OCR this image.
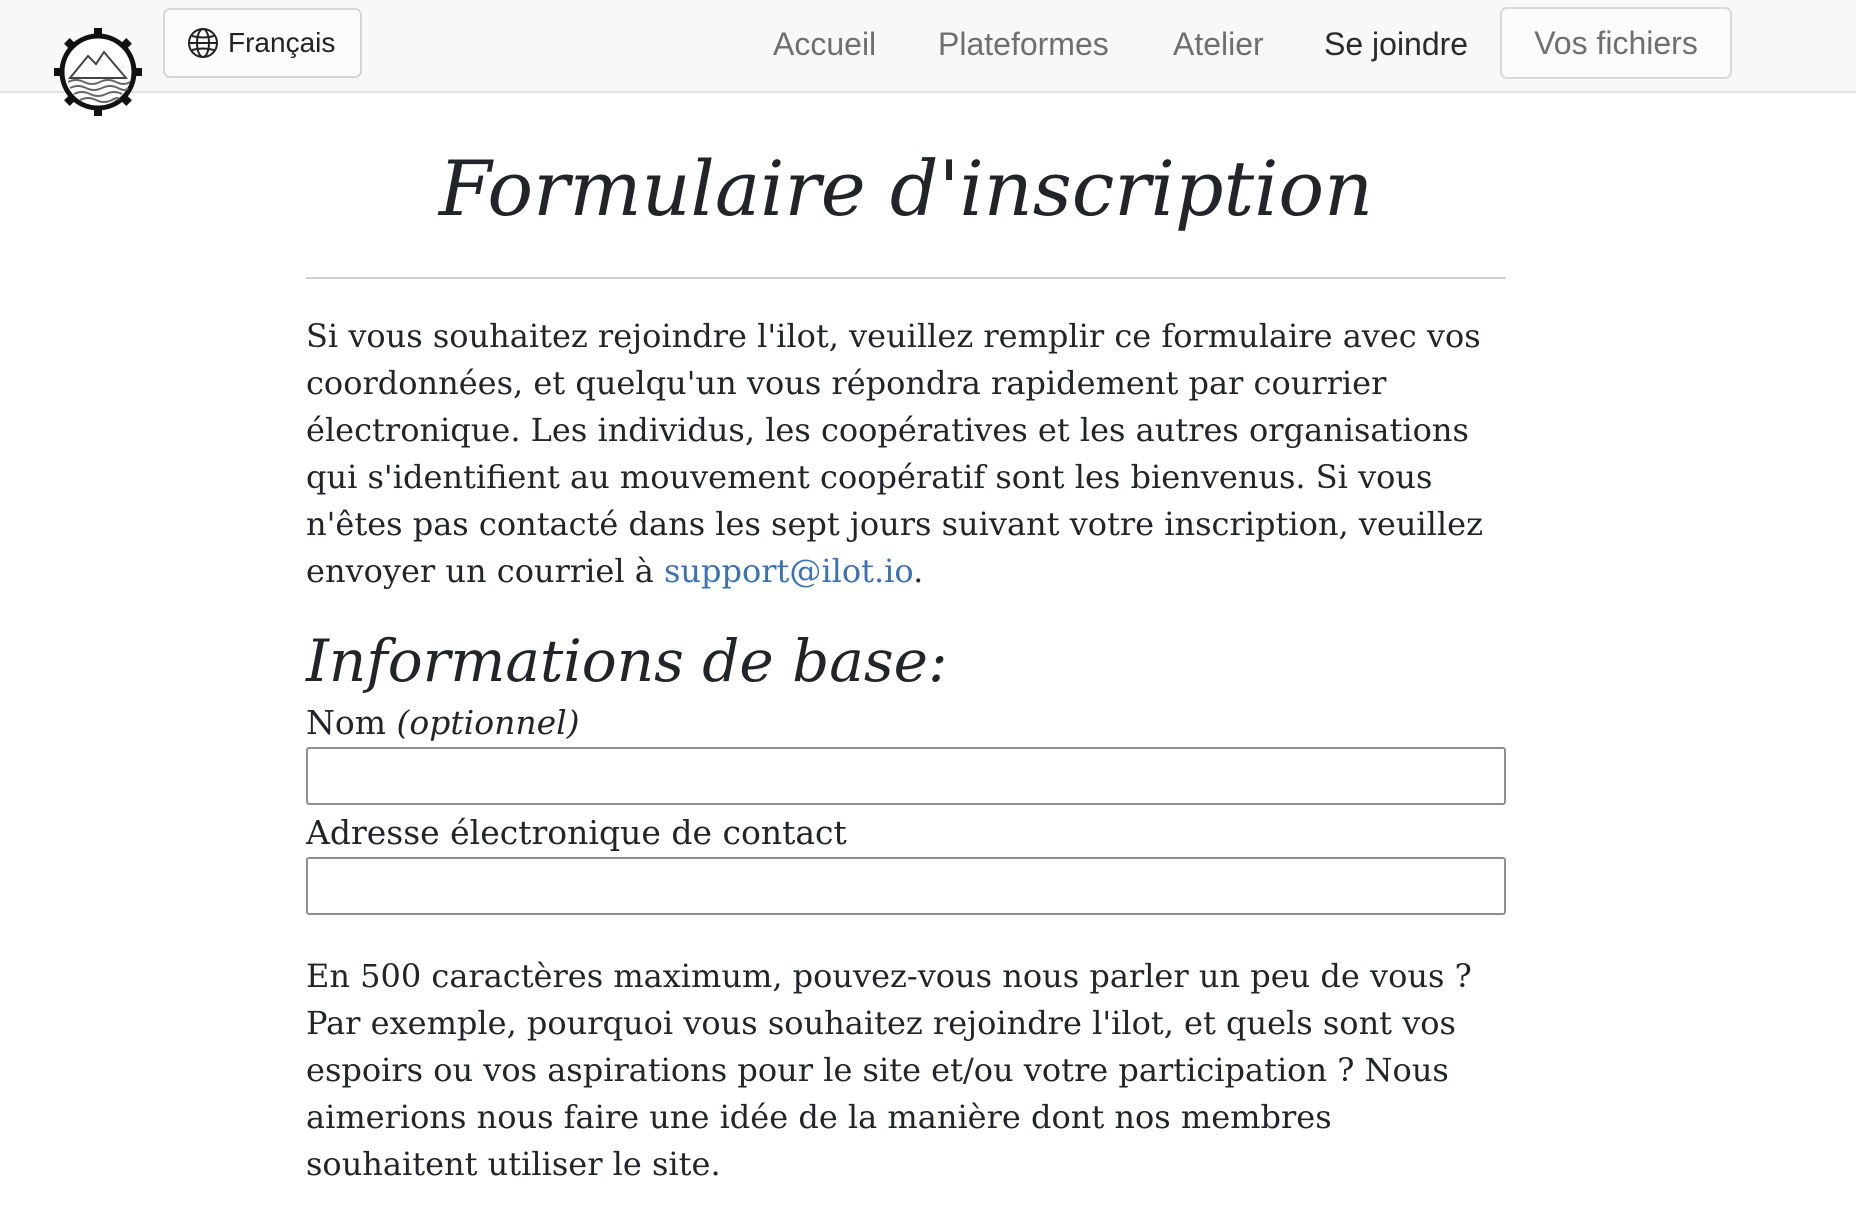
Français	Accueil Plateformes Atelier Se joindre	Vos fichiers
Formulaire d'inscription

Si vous souhaitez rejoindre l'ilot, veuillez remplir ce formulaire avec vos coordonnées, et quelqu'un vous répondra rapidement par courrier électronique. Les individus, les coopératives et les autres organisations qui s'identifient au mouvement coopératif sont les bienvenus. Si vous n'êtes pas contacté dans les sept jours suivant votre inscription, veuillez envoyer un courriel à support@ilot.io.

Informations de base:
Nom (optionnel)
Adresse électronique de contact

En 500 caractères maximum, pouvez-vous nous parler un peu de vous ? Par exemple, pourquoi vous souhaitez rejoindre l'ilot, et quels sont vos espoirs ou vos aspirations pour le site et/ou votre participation ? Nous aimerions nous faire une idée de la manière dont nos membres souhaitent utiliser le site.
